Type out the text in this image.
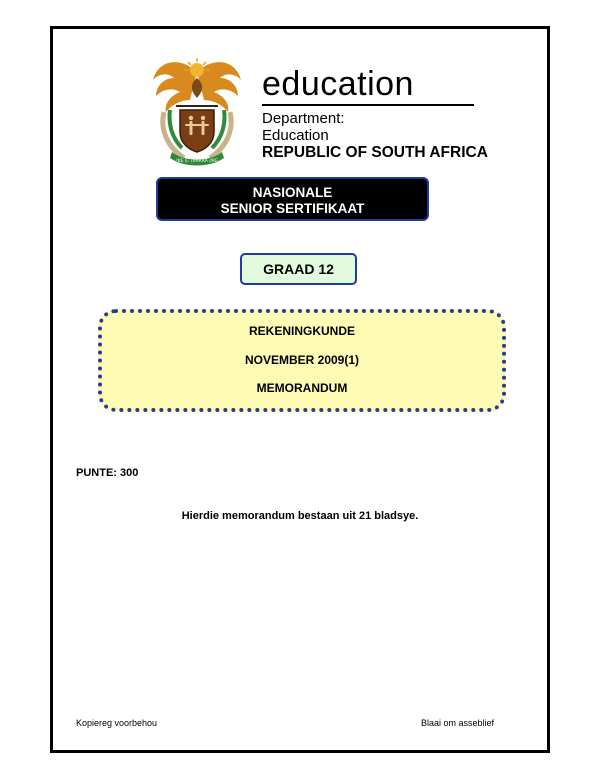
!KE E: /XARRA //KE
education
Department:
Education
REPUBLIC OF SOUTH AFRICA
NASIONALE
SENIOR SERTIFIKAAT
GRAAD 12
REKENINGKUNDE
NOVEMBER 2009(1)
MEMORANDUM
PUNTE: 300
Hierdie memorandum bestaan uit 21 bladsye.
Kopiereg voorbehou	Blaai om asseblief
